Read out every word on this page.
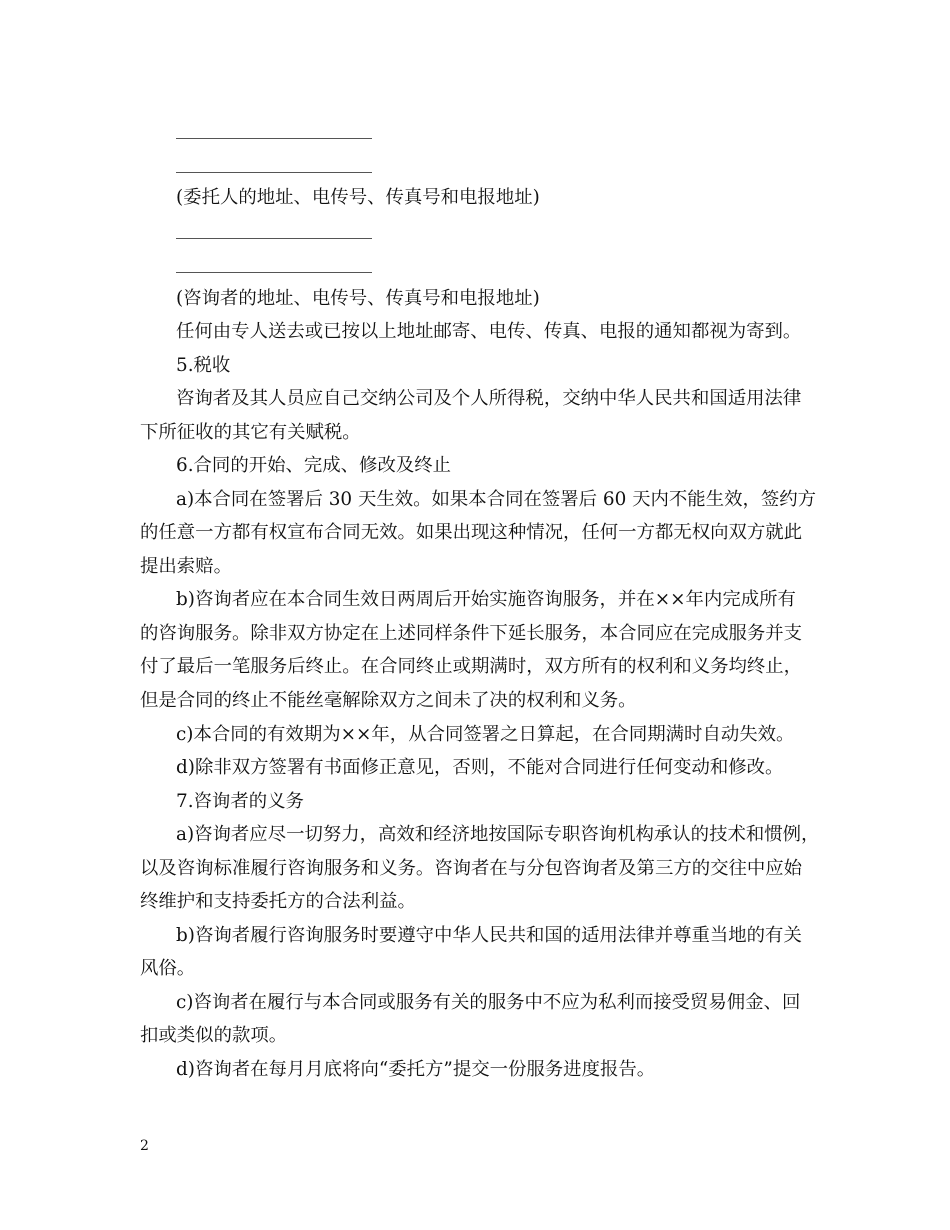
(委托人的地址、电传号、传真号和电报地址)
(咨询者的地址、电传号、传真号和电报地址)
任何由专人送去或已按以上地址邮寄、电传、传真、电报的通知都视为寄到。
5.税收
咨询者及其人员应自己交纳公司及个人所得税，交纳中华人民共和国适用法律
下所征收的其它有关赋税。
6.合同的开始、完成、修改及终止
a)本合同在签署后 30 天生效。如果本合同在签署后 60 天内不能生效，签约方
的任意一方都有权宣布合同无效。如果出现这种情况，任何一方都无权向双方就此
提出索赔。
b)咨询者应在本合同生效日两周后开始实施咨询服务，并在××年内完成所有
的咨询服务。除非双方协定在上述同样条件下延长服务，本合同应在完成服务并支
付了最后一笔服务后终止。在合同终止或期满时，双方所有的权利和义务均终止，
但是合同的终止不能丝毫解除双方之间未了决的权利和义务。
c)本合同的有效期为××年，从合同签署之日算起，在合同期满时自动失效。
d)除非双方签署有书面修正意见，否则，不能对合同进行任何变动和修改。
7.咨询者的义务
a)咨询者应尽一切努力，高效和经济地按国际专职咨询机构承认的技术和惯例，
以及咨询标准履行咨询服务和义务。咨询者在与分包咨询者及第三方的交往中应始
终维护和支持委托方的合法利益。
b)咨询者履行咨询服务时要遵守中华人民共和国的适用法律并尊重当地的有关
风俗。
c)咨询者在履行与本合同或服务有关的服务中不应为私利而接受贸易佣金、回
扣或类似的款项。
d)咨询者在每月月底将向“委托方”提交一份服务进度报告。
2
